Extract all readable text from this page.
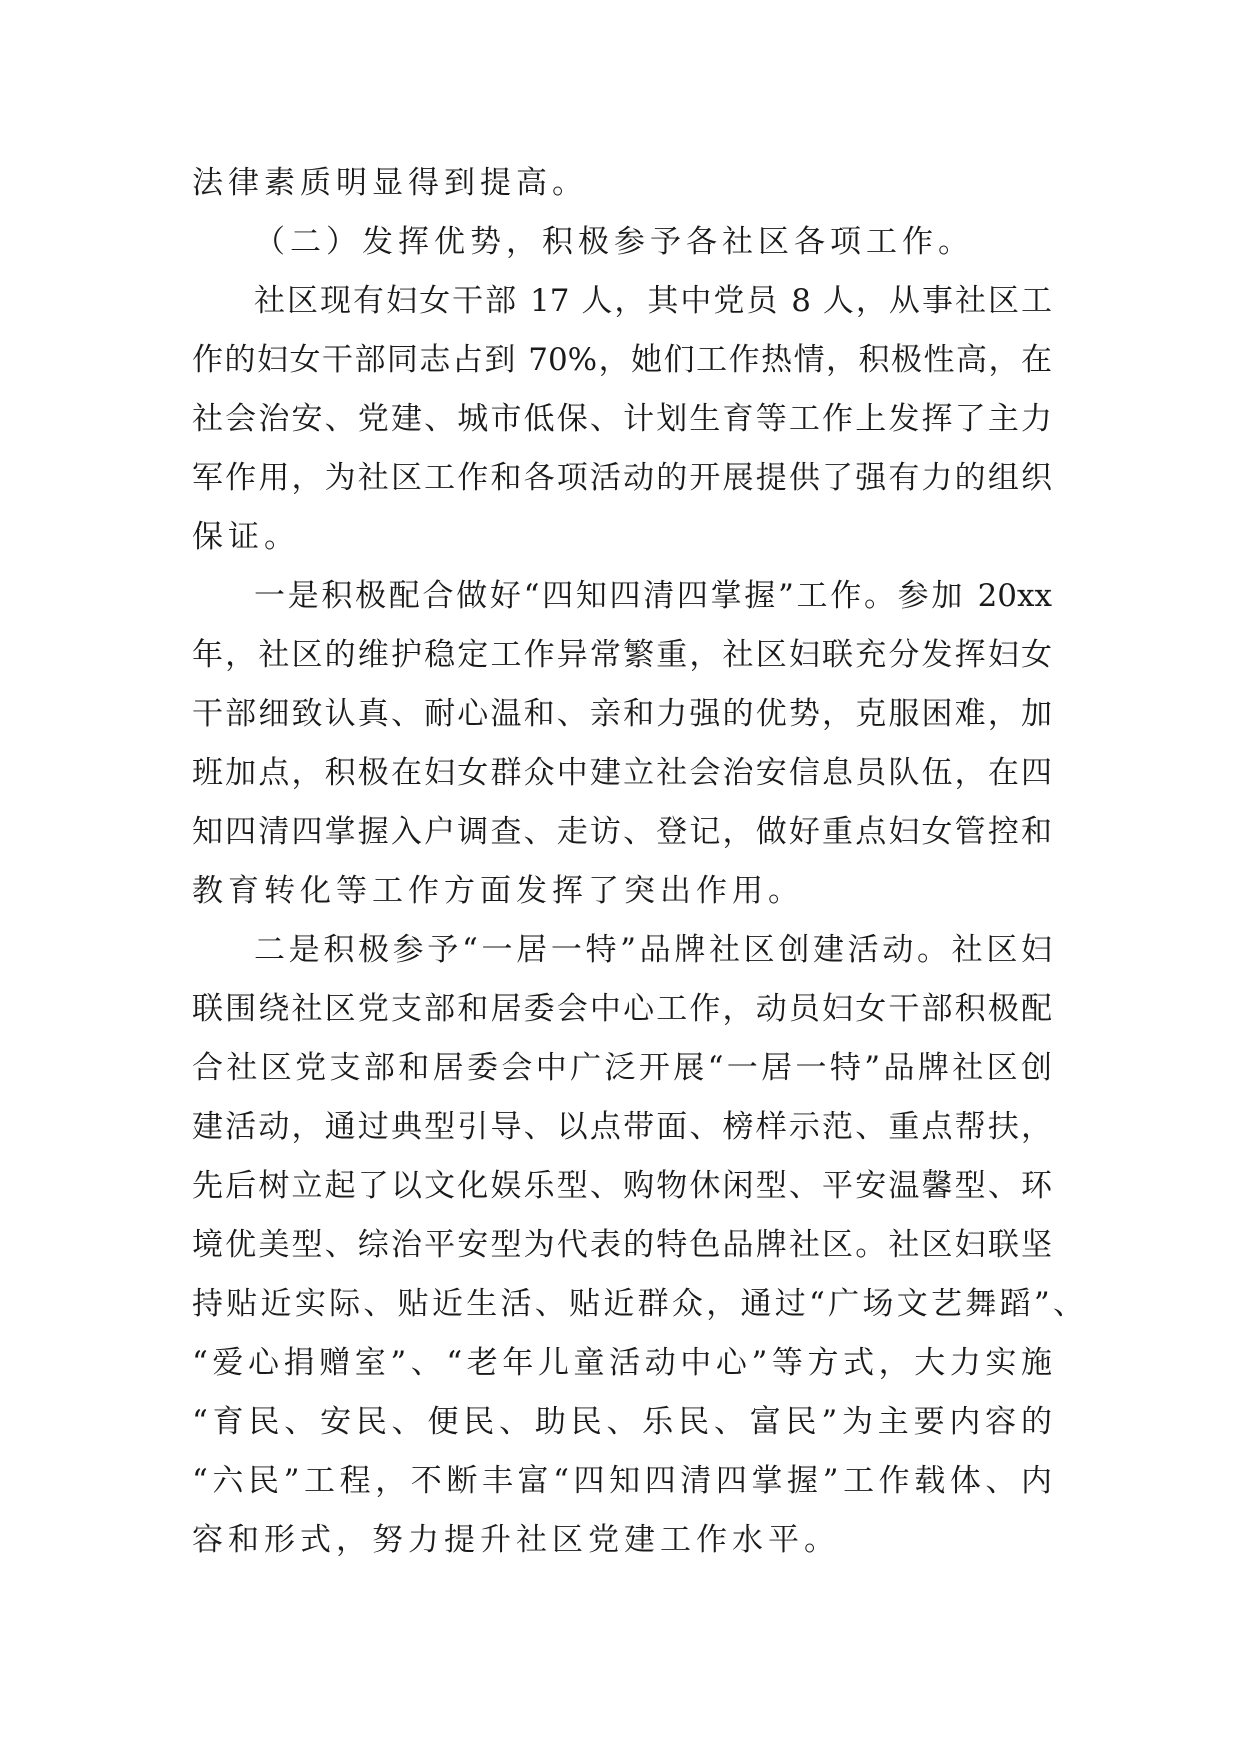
法律素质明显得到提高。
（二）发挥优势，积极参予各社区各项工作。
社区现有妇女干部 17 人，其中党员 8 人，从事社区工
作的妇女干部同志占到 70%，她们工作热情，积极性高，在
社会治安、党建、城市低保、计划生育等工作上发挥了主力
军作用，为社区工作和各项活动的开展提供了强有力的组织
保证。
一是积极配合做好“四知四清四掌握”工作。参加 20xx
年，社区的维护稳定工作异常繁重，社区妇联充分发挥妇女
干部细致认真、耐心温和、亲和力强的优势，克服困难，加
班加点，积极在妇女群众中建立社会治安信息员队伍，在四
知四清四掌握入户调查、走访、登记，做好重点妇女管控和
教育转化等工作方面发挥了突出作用。
二是积极参予“一居一特”品牌社区创建活动。社区妇
联围绕社区党支部和居委会中心工作，动员妇女干部积极配
合社区党支部和居委会中广泛开展“一居一特”品牌社区创
建活动，通过典型引导、以点带面、榜样示范、重点帮扶，
先后树立起了以文化娱乐型、购物休闲型、平安温馨型、环
境优美型、综治平安型为代表的特色品牌社区。社区妇联坚
持贴近实际、贴近生活、贴近群众，通过“广场文艺舞蹈”、
“爱心捐赠室”、“老年儿童活动中心”等方式，大力实施
“育民、安民、便民、助民、乐民、富民”为主要内容的
“六民”工程，不断丰富“四知四清四掌握”工作载体、内
容和形式，努力提升社区党建工作水平。
